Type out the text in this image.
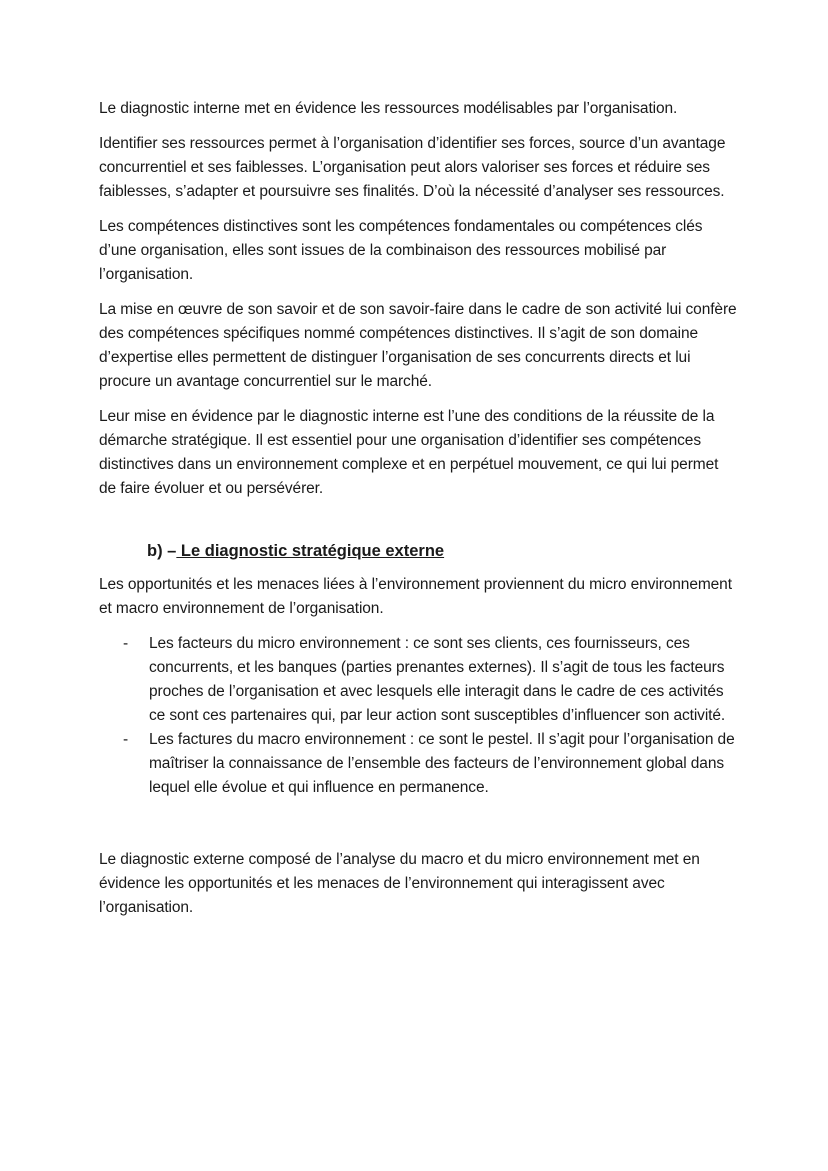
Le diagnostic interne met en évidence les ressources modélisables par l’organisation.

Identifier ses ressources permet à l’organisation d’identifier ses forces, source d’un avantage concurrentiel et ses faiblesses. L’organisation peut alors valoriser ses forces et réduire ses faiblesses, s’adapter et poursuivre ses finalités. D’où la nécessité d’analyser ses ressources.

Les compétences distinctives sont les compétences fondamentales ou compétences clés d’une organisation, elles sont issues de la combinaison des ressources mobilisé par l’organisation.

La mise en œuvre de son savoir et de son savoir-faire dans le cadre de son activité lui confère des compétences spécifiques nommé compétences distinctives. Il s’agit de son domaine d’expertise elles permettent de distinguer l’organisation de ses concurrents directs et lui procure un avantage concurrentiel sur le marché.

Leur mise en évidence par le diagnostic interne est l’une des conditions de la réussite de la démarche stratégique. Il est essentiel pour une organisation d’identifier ses compétences distinctives dans un environnement complexe et en perpétuel mouvement, ce qui lui permet de faire évoluer et ou persévérer.

b) – Le diagnostic stratégique externe

Les opportunités et les menaces liées à l’environnement proviennent du micro environnement et macro environnement de l’organisation.

- Les facteurs du micro environnement : ce sont ses clients, ces fournisseurs, ces concurrents, et les banques (parties prenantes externes). Il s’agit de tous les facteurs proches de l’organisation et avec lesquels elle interagit dans le cadre de ces activités ce sont ces partenaires qui, par leur action sont susceptibles d’influencer son activité.
- Les factures du macro environnement : ce sont le pestel. Il s’agit pour l’organisation de maîtriser la connaissance de l’ensemble des facteurs de l’environnement global dans lequel elle évolue et qui influence en permanence.

Le diagnostic externe composé de l’analyse du macro et du micro environnement met en évidence les opportunités et les menaces de l’environnement qui interagissent avec l’organisation.
